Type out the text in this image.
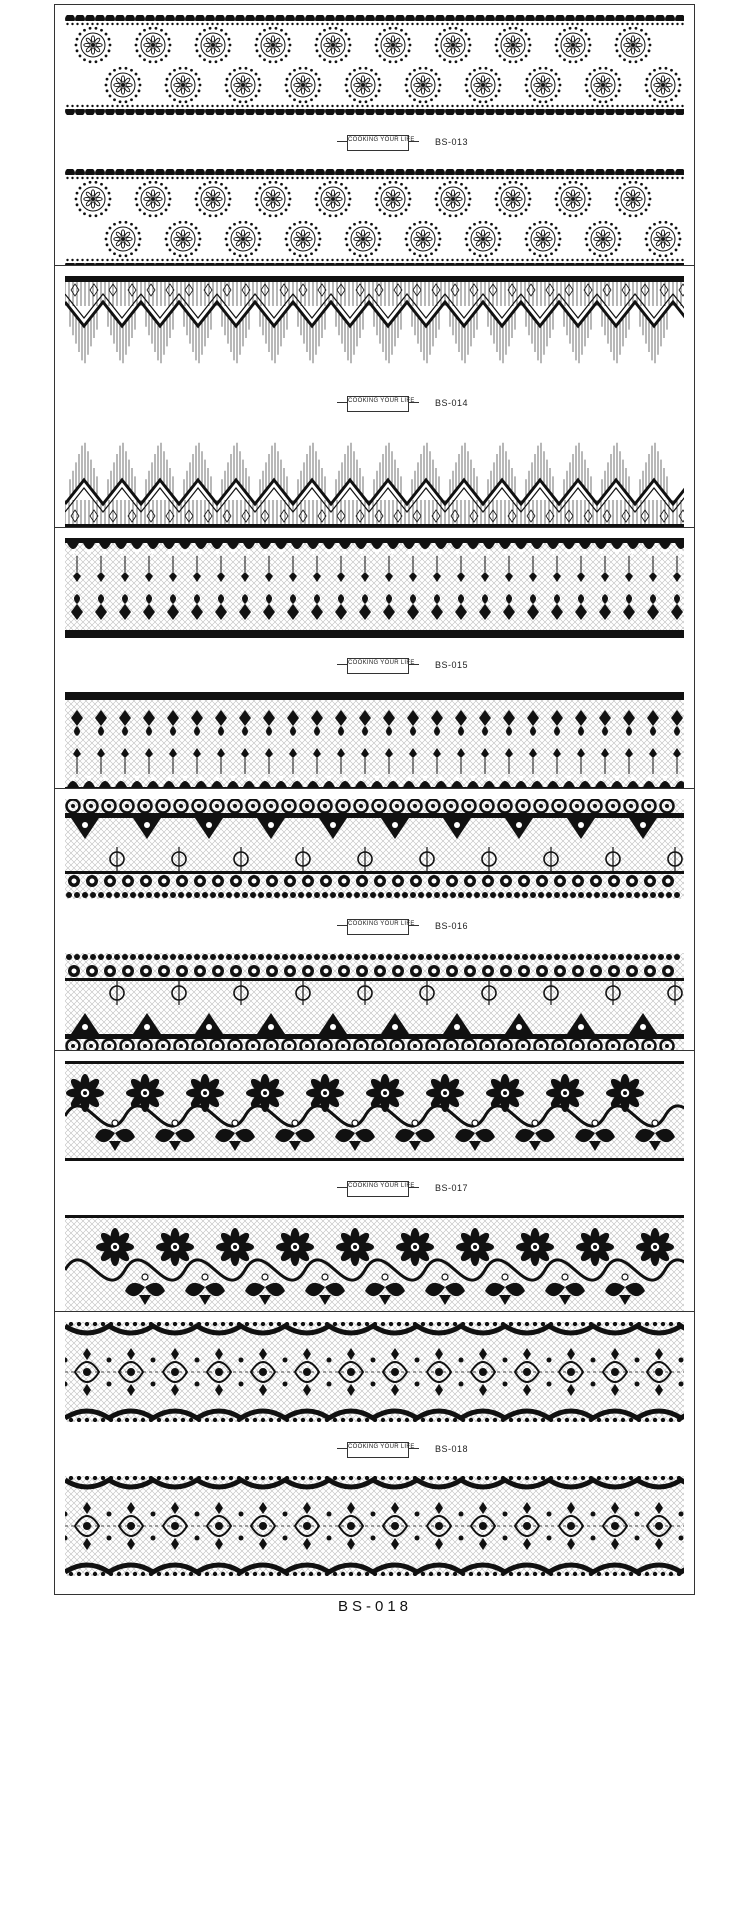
COOKING YOUR LIFE BS-013
COOKING YOUR LIFE BS-014
COOKING YOUR LIFE BS-015
COOKING YOUR LIFE BS-016
COOKING YOUR LIFE BS-017
COOKING YOUR LIFE BS-018
BS-018
